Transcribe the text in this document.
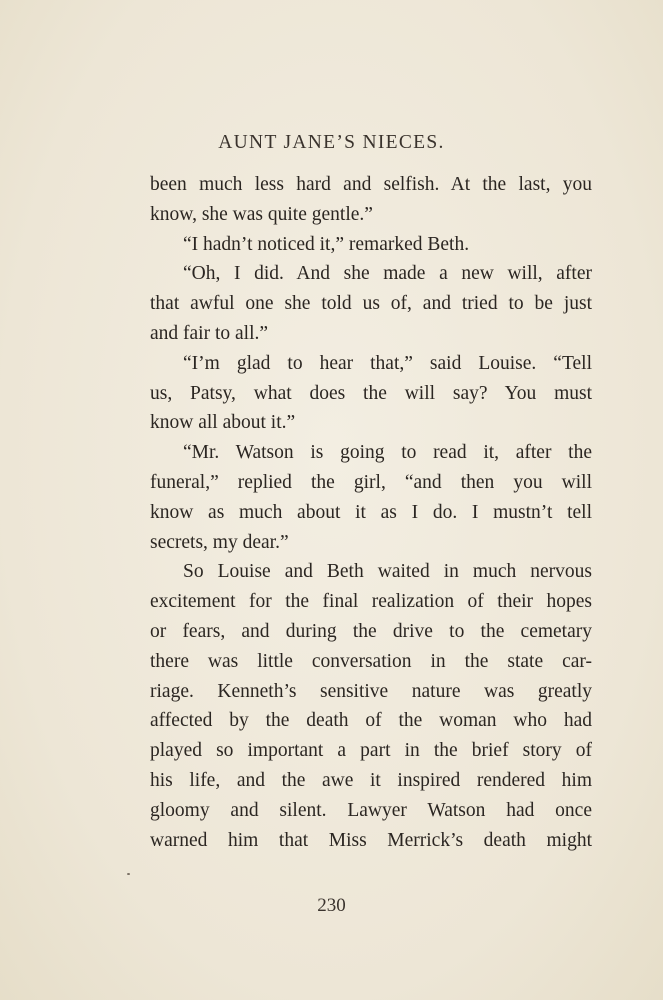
AUNT JANE’S NIECES.
been much less hard and selfish. At the last, you
know, she was quite gentle.”
“I hadn’t noticed it,” remarked Beth.
“Oh, I did. And she made a new will, after
that awful one she told us of, and tried to be just
and fair to all.”
“I’m glad to hear that,” said Louise. “Tell
us, Patsy, what does the will say? You must
know all about it.”
“Mr. Watson is going to read it, after the
funeral,” replied the girl, “and then you will
know as much about it as I do. I mustn’t tell
secrets, my dear.”
So Louise and Beth waited in much nervous
excitement for the final realization of their hopes
or fears, and during the drive to the cemetary
there was little conversation in the state car-
riage. Kenneth’s sensitive nature was greatly
affected by the death of the woman who had
played so important a part in the brief story of
his life, and the awe it inspired rendered him
gloomy and silent. Lawyer Watson had once
warned him that Miss Merrick’s death might
230
